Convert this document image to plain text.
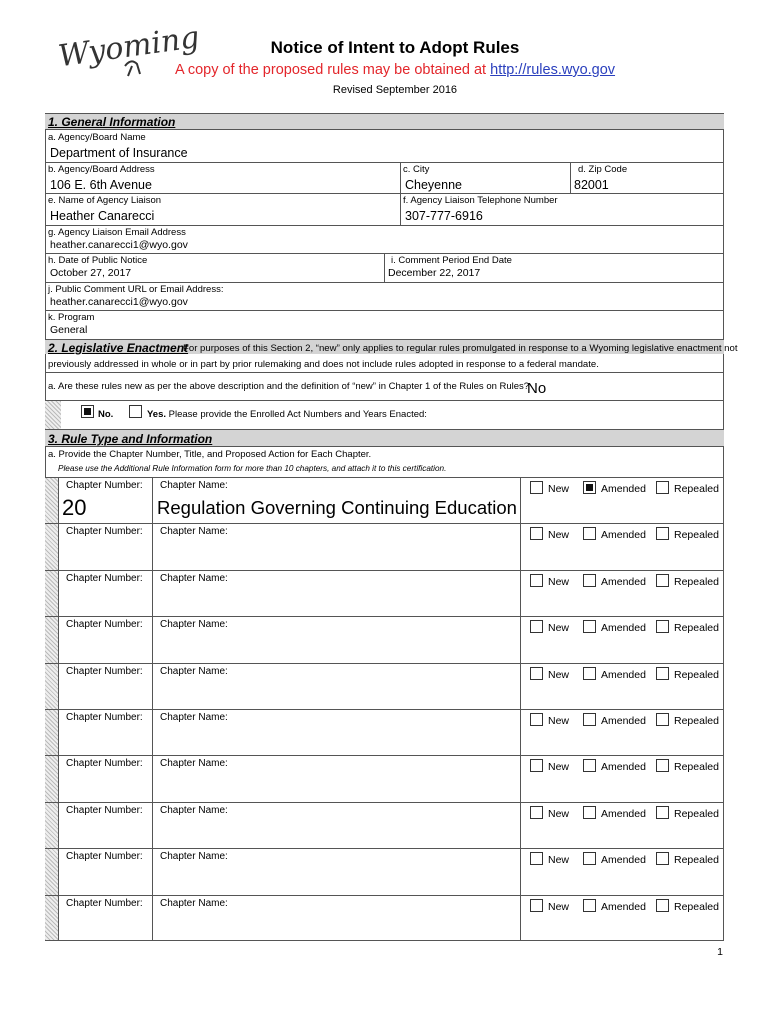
Wyoming	Notice of Intent to Adopt Rules
A copy of the proposed rules may be obtained at http://rules.wyo.gov
Revised September 2016
1. General Information
a. Agency/Board Name
Department of Insurance
b. Agency/Board Address
106 E. 6th Avenue
c. City
Cheyenne
d. Zip Code
82001
e. Name of Agency Liaison
Heather Canarecci
f. Agency Liaison Telephone Number
307-777-6916
g. Agency Liaison Email Address
heather.canarecci1@wyo.gov
h. Date of Public Notice
October 27, 2017
i. Comment Period End Date
December 22, 2017
j. Public Comment URL or Email Address:
heather.canarecci1@wyo.gov
k. Program
General
2. Legislative Enactment
For purposes of this Section 2, “new” only applies to regular rules promulgated in response to a Wyoming legislative enactment not
previously addressed in whole or in part by prior rulemaking and does not include rules adopted in response to a federal mandate.
a. Are these rules new as per the above description and the definition of “new” in Chapter 1 of the Rules on Rules?
No
No.	Yes. Please provide the Enrolled Act Numbers and Years Enacted:
3. Rule Type and Information
a. Provide the Chapter Number, Title, and Proposed Action for Each Chapter.
Please use the Additional Rule Information form for more than 10 chapters, and attach it to this certification.
1
Chapter Number: Chapter Name:
20	Regulation Governing Continuing Education
New	Amended	Repealed
Chapter Number: Chapter Name:	New	Amended	Repealed
Chapter Number: Chapter Name:	New	Amended	Repealed
Chapter Number: Chapter Name:	New	Amended	Repealed
Chapter Number: Chapter Name:	New	Amended	Repealed
Chapter Number: Chapter Name:	New	Amended	Repealed
Chapter Number: Chapter Name:	New	Amended	Repealed
Chapter Number: Chapter Name:	New	Amended	Repealed
Chapter Number: Chapter Name:	New	Amended	Repealed
Chapter Number: Chapter Name:	New	Amended	Repealed
